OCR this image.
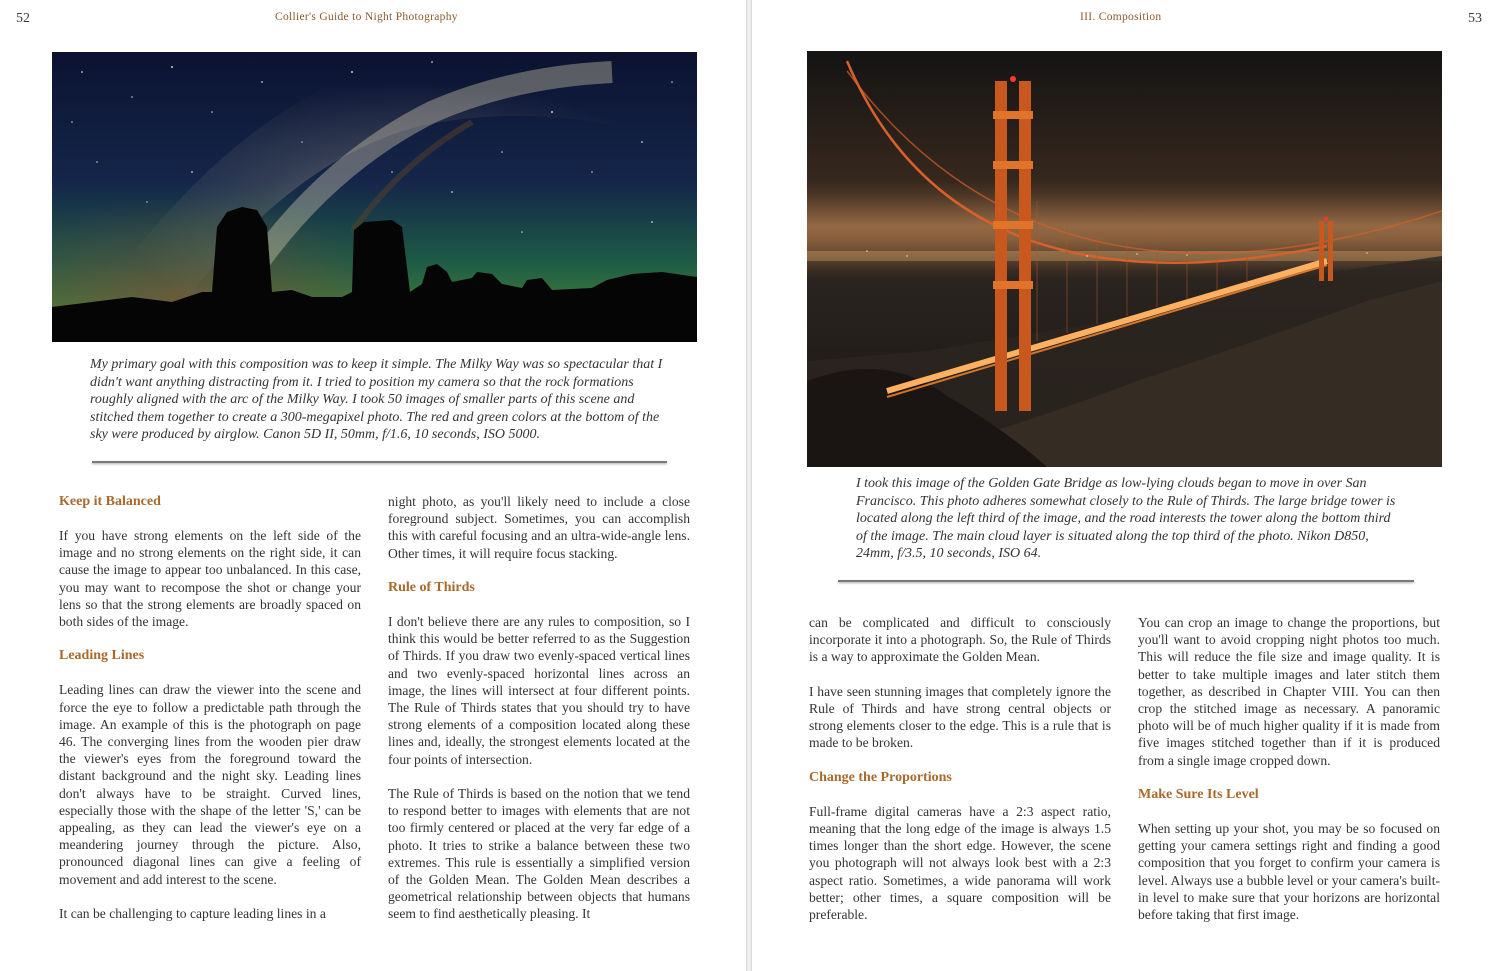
52	Collier's Guide to Night Photography
My primary goal with this composition was to keep it simple. The Milky Way was so spectacular that I didn't want anything distracting from it. I tried to position my camera so that the rock formations roughly aligned with the arc of the Milky Way. I took 50 images of smaller parts of this scene and stitched them together to create a 300-megapixel photo. The red and green colors at the bottom of the sky were produced by airglow. Canon 5D II, 50mm, f/1.6, 10 seconds, ISO 5000.
Keep it Balanced

If you have strong elements on the left side of the image and no strong elements on the right side, it can cause the image to appear too unbalanced. In this case, you may want to recompose the shot or change your lens so that the strong elements are broadly spaced on both sides of the image.

Leading Lines

Leading lines can draw the viewer into the scene and force the eye to follow a predictable path through the image. An example of this is the photograph on page 46. The converging lines from the wooden pier draw the viewer's eyes from the foreground toward the distant background and the night sky. Leading lines don't always have to be straight. Curved lines, especially those with the shape of the letter 'S,' can be appealing, as they can lead the viewer's eye on a meandering journey through the picture. Also, pronounced diagonal lines can give a feeling of movement and add interest to the scene.

It can be challenging to capture leading lines in a

night photo, as you'll likely need to include a close foreground subject. Sometimes, you can accomplish this with careful focusing and an ultra-wide-angle lens. Other times, it will require focus stacking.

Rule of Thirds

I don't believe there are any rules to composition, so I think this would be better referred to as the Suggestion of Thirds. If you draw two evenly-spaced vertical lines and two evenly-spaced horizontal lines across an image, the lines will intersect at four different points. The Rule of Thirds states that you should try to have strong elements of a composition located along these lines and, ideally, the strongest elements located at the four points of intersection.

The Rule of Thirds is based on the notion that we tend to respond better to images with elements that are not too firmly centered or placed at the very far edge of a photo. It tries to strike a balance between these two extremes. This rule is essentially a simplified version of the Golden Mean. The Golden Mean describes a geometrical relationship between objects that humans seem to find aesthetically pleasing. It

III. Composition	53
I took this image of the Golden Gate Bridge as low-lying clouds began to move in over San Francisco. This photo adheres somewhat closely to the Rule of Thirds. The large bridge tower is located along the left third of the image, and the road interests the tower along the bottom third of the image. The main cloud layer is situated along the top third of the photo. Nikon D850, 24mm, f/3.5, 10 seconds, ISO 64.

can be complicated and difficult to consciously incorporate it into a photograph. So, the Rule of Thirds is a way to approximate the Golden Mean.

I have seen stunning images that completely ignore the Rule of Thirds and have strong central objects or strong elements closer to the edge. This is a rule that is made to be broken.

Change the Proportions

Full-frame digital cameras have a 2:3 aspect ratio, meaning that the long edge of the image is always 1.5 times longer than the short edge. However, the scene you photograph will not always look best with a 2:3 aspect ratio. Sometimes, a wide panorama will work better; other times, a square composition will be preferable.

You can crop an image to change the proportions, but you'll want to avoid cropping night photos too much. This will reduce the file size and image quality. It is better to take multiple images and later stitch them together, as described in Chapter VIII. You can then crop the stitched image as necessary. A panoramic photo will be of much higher quality if it is made from five images stitched together than if it is produced from a single image cropped down.

Make Sure Its Level

When setting up your shot, you may be so focused on getting your camera settings right and finding a good composition that you forget to confirm your camera is level. Always use a bubble level or your camera's built-in level to make sure that your horizons are horizontal before taking that first image.
